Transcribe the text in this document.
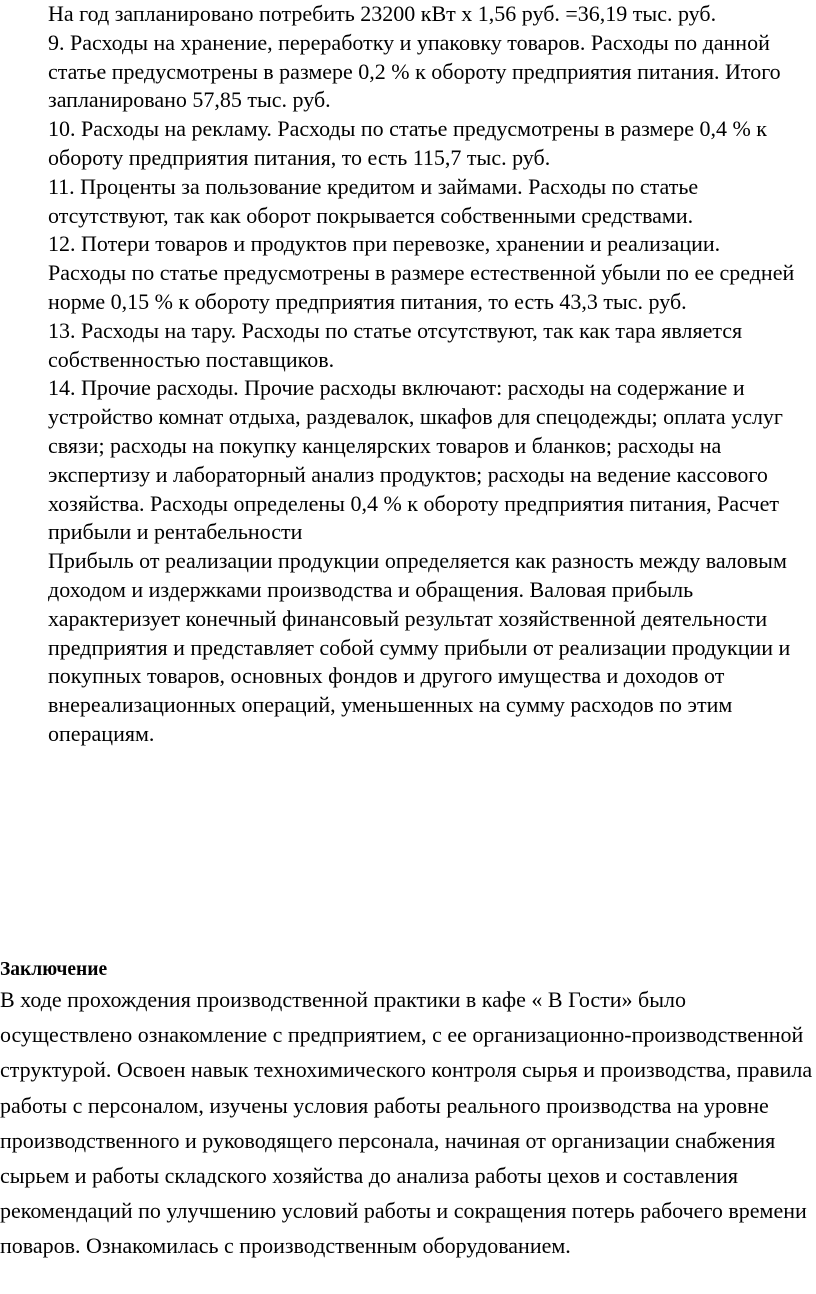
На год запланировано потребить 23200 кВт х 1,56 руб. =36,19 тыс. руб.

9. Расходы на хранение, переработку и упаковку товаров. Расходы по данной статье предусмотрены в размере 0,2 % к обороту предприятия питания. Итого запланировано 57,85 тыс. руб.

10. Расходы на рекламу. Расходы по статье предусмотрены в размере 0,4 % к обороту предприятия питания, то есть 115,7 тыс. руб.

11. Проценты за пользование кредитом и займами. Расходы по статье отсутствуют, так как оборот покрывается собственными средствами.

12. Потери товаров и продуктов при перевозке, хранении и реализации.

Расходы по статье предусмотрены в размере естественной убыли по ее средней норме 0,15 % к обороту предприятия питания, то есть 43,3 тыс. руб.

13. Расходы на тару. Расходы по статье отсутствуют, так как тара является собственностью поставщиков.

14. Прочие расходы. Прочие расходы включают: расходы на содержание и устройство комнат отдыха, раздевалок, шкафов для спецодежды; оплата услуг связи; расходы на покупку канцелярских товаров и бланков; расходы на экспертизу и лабораторный анализ продуктов; расходы на ведение кассового хозяйства. Расходы определены 0,4 % к обороту предприятия питания, Расчет прибыли и рентабельности

Прибыль от реализации продукции определяется как разность между валовым доходом и издержками производства и обращения. Валовая прибыль характеризует конечный финансовый результат хозяйственной деятельности предприятия и представляет собой сумму прибыли от реализации продукции и покупных товаров, основных фондов и другого имущества и доходов от внереализационных операций, уменьшенных на сумму расходов по этим операциям.

Заключение

В ходе прохождения производственной практики в кафе « В Гости» было осуществлено ознакомление с предприятием, с ее организационно-производственной структурой. Освоен навык технохимического контроля сырья и производства, правила работы с персоналом, изучены условия работы реального производства на уровне производственного и руководящего персонала, начиная от организации снабжения сырьем и работы складского хозяйства до анализа работы цехов и составления рекомендаций по улучшению условий работы и сокращения потерь рабочего времени поваров. Ознакомилась с производственным оборудованием.
